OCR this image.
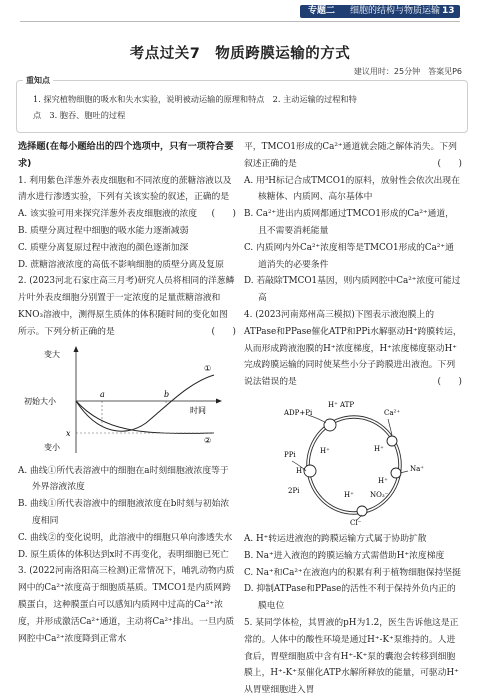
专题二 细胞的结构与物质运输 13
考点过关7　物质跨膜运输的方式
建议用时：25分钟　答案见P6
重知点
1. 探究植物细胞的吸水和失水实验，说明被动运输的原理和特点　2. 主动运输的过程和特
点　3. 胞吞、胞吐的过程

选择题(在每小题给出的四个选项中，只有一项符合要求)

1. 利用紫色洋葱外表皮细胞和不同浓度的蔗糖溶液以及清水进行渗透实验，下列有关该实验的叙述，正确的是
(　　)

A. 该实验可用来探究洋葱外表皮细胞液的浓度

B. 质壁分离过程中细胞的吸水能力逐渐减弱

C. 质壁分离复原过程中液泡的颜色逐渐加深

D. 蔗糖溶液浓度的高低不影响细胞的质壁分离及复原

2. (2023河北石家庄高三月考)研究人员将相同的洋葱鳞片叶外表皮细胞分别置于一定浓度的足量蔗糖溶液和KNO₃溶液中，测得原生质体的体积随时间的变化如图所示。下列分析正确的是	(　　)

变大
初始大小
变小
a	b
x
时间
①
②

A. 曲线①所代表溶液中的细胞在a时刻细胞液浓度等于外界溶液浓度

B. 曲线①所代表溶液中的细胞液浓度在b时刻与初始浓度相同

C. 曲线②的变化说明，此溶液中的细胞只单向渗透失水

D. 原生质体的体积达到x时不再变化，表明细胞已死亡

3. (2022河南洛阳高三检测)正常情况下，哺乳动物内质网中的Ca²⁺浓度高于细胞质基质。TMCO1是内质网跨膜蛋白，这种膜蛋白可以感知内质网中过高的Ca²⁺浓度，并形成激活Ca²⁺通道，主动将Ca²⁺排出。一旦内质网腔中Ca²⁺浓度降到正常水

平，TMCO1形成的Ca²⁺通道就会随之解体消失。下列叙述正确的是	(　　)

A. 用³H标记合成TMCO1的原料，放射性会依次出现在核糖体、内质网、高尔基体中

B. Ca²⁺进出内质网都通过TMCO1形成的Ca²⁺通道，且不需要消耗能量

C. 内质网内外Ca²⁺浓度相等是TMCO1形成的Ca²⁺通道消失的必要条件

D. 若敲除TMCO1基因，则内质网腔中Ca²⁺浓度可能过高

4. (2023河南郑州高三模拟)下图表示液泡膜上的ATPase和PPase催化ATP和PPi水解驱动H⁺跨膜转运，从而形成跨液泡膜的H⁺浓度梯度，H⁺浓度梯度驱动H⁺完成跨膜运输的同时使某些小分子跨膜进出液泡。下列说法错误的是	(　　)

ADP+Pi
ATP
H⁺
PPi
2Pi
H⁺
H⁺
Ca²⁺
H⁺
Na⁺
H⁺
NO₃⁻
H⁺
Cl⁻

A. H⁺转运进液泡的跨膜运输方式属于协助扩散

B. Na⁺进入液泡的跨膜运输方式需借助H⁺浓度梯度

C. Na⁺和Ca²⁺在液泡内的积累有利于植物细胞保持坚挺

D. 抑制ATPase和PPase的活性不利于保持外负内正的膜电位

5. 某同学体检，其胃液的pH为1.2，医生告诉他这是正常的。人体中的酸性环境是通过H⁺-K⁺泵维持的。人进食后，胃壁细胞质中含有H⁺-K⁺泵的囊泡会转移到细胞膜上，H⁺-K⁺泵催化ATP水解所释放的能量，可驱动H⁺从胃壁细胞进入胃
